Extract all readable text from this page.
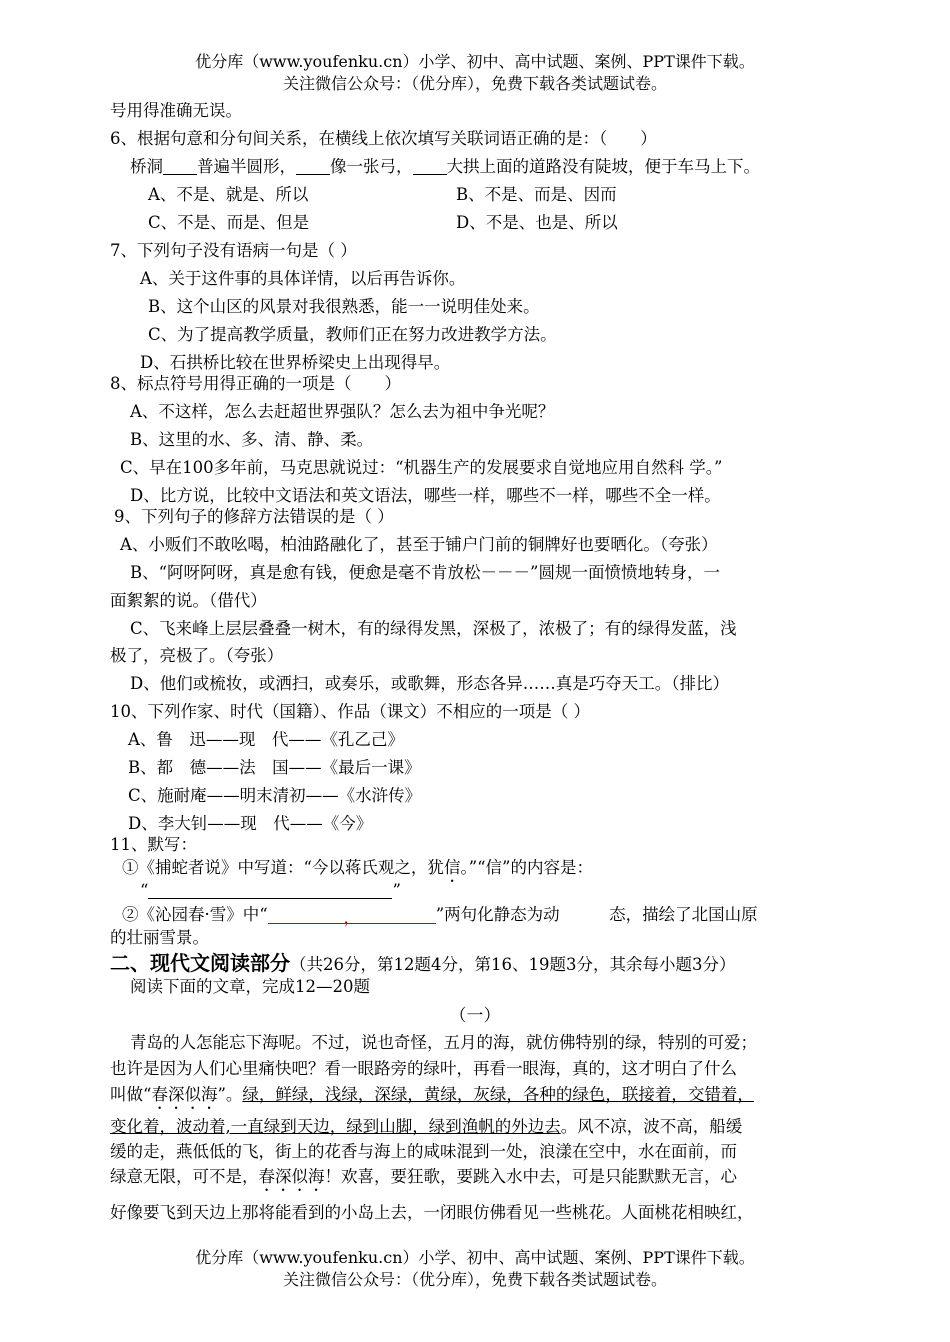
优分库（www.youfenku.cn）小学、初中、高中试题、案例、PPT课件下载。
关注微信公众号：（优分库），免费下载各类试题试卷。
号用得准确无误。
6、根据句意和分句间关系，在横线上依次填写关联词语正确的是：（　　）
桥洞 普遍半圆形， 像一张弓， 大拱上面的道路没有陡坡，便于车马上下。
A、不是、就是、所以	B、不是、而是、因而
C、不是、而是、但是	D、不是、也是、所以
7、下列句子没有语病一句是（ ）
A、关于这件事的具体详情，以后再告诉你。
B、这个山区的风景对我很熟悉，能一一说明佳处来。
C、为了提高教学质量，教师们正在努力改进教学方法。
D、石拱桥比较在世界桥梁史上出现得早。
8、标点符号用得正确的一项是（　　）
A、不这样，怎么去赶超世界强队？怎么去为祖中争光呢？
B、这里的水、多、清、静、柔。
C、早在100多年前，马克思就说过：“机器生产的发展要求自觉地应用自然科 学。”
D、比方说，比较中文语法和英文语法，哪些一样，哪些不一样，哪些不全一样。
9、下列句子的修辞方法错误的是（ ）
A、小贩们不敢吆喝，柏油路融化了，甚至于铺户门前的铜牌好也要晒化。（夸张）
B、“阿呀阿呀，真是愈有钱，便愈是毫不肯放松－－－”圆规一面愤愤地转身，一
面絮絮的说。（借代）
C、飞来峰上层层叠叠一树木，有的绿得发黑，深极了，浓极了；有的绿得发蓝，浅
极了，亮极了。（夸张）
D、他们或梳妆，或洒扫，或奏乐，或歌舞，形态各异……真是巧夺天工。（排比）
10、下列作家、时代（国籍）、作品（课文）不相应的一项是（ ）
A、鲁　迅——现　代——《孔乙己》
B、都　德——法　国——《最后一课》
C、施耐庵——明末清初——《水浒传》
D、李大钊——现　代——《今》
11、默写：
①《捕蛇者说》中写道：“今以蒋氏观之，犹信。”“信”的内容是：
“	”
②《沁园春·雪》中“	，	”两句化静态为动　　　态，描绘了北国山原
的壮丽雪景。
二、现代文阅读部分（共26分，第12题4分，第16、19题3分，其余每小题3分）
阅读下面的文章，完成12—20题
（一）
青岛的人怎能忘下海呢。不过，说也奇怪，五月的海，就仿佛特别的绿，特别的可爱；
也许是因为人们心里痛快吧？看一眼路旁的绿叶，再看一眼海，真的，这才明白了什么
叫做“春深似海”。绿，鲜绿，浅绿，深绿，黄绿，灰绿，各种的绿色，联接着，交错着，
变化着，波动着,一直绿到天边，绿到山脚，绿到渔帆的外边去。风不凉，波不高，船缓
缓的走，燕低低的飞，街上的花香与海上的咸味混到一处，浪漾在空中，水在面前，而
绿意无限，可不是，春深似海！欢喜，要狂歌，要跳入水中去，可是只能默默无言，心
好像要飞到天边上那将能看到的小岛上去，一闭眼仿佛看见一些桃花。人面桃花相映红，
优分库（www.youfenku.cn）小学、初中、高中试题、案例、PPT课件下载。
关注微信公众号：（优分库），免费下载各类试题试卷。
